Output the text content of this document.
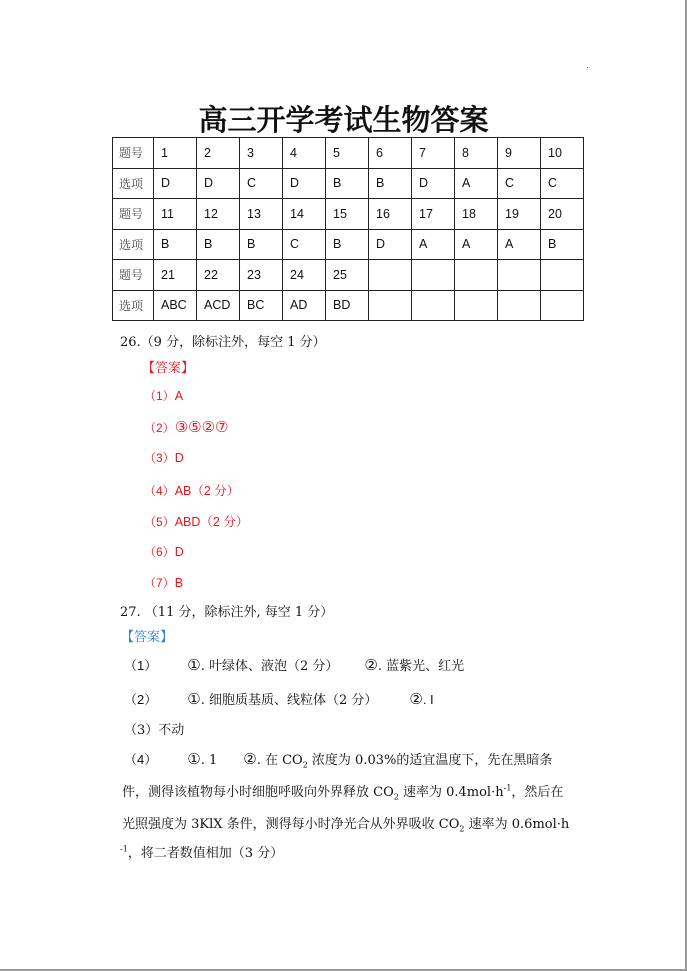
高三开学考试生物答案
题号	1	2	3	4	5	6	7	8	9	10
选项	D	D	C	D	B	B	D	A	C	C
题号	11	12	13	14	15	16	17	18	19	20
选项	B	B	B	C	B	D	A	A	A	B
题号	21	22	23	24	25					
选项	ABC	ACD	BC	AD	BD					
26.（9 分，除标注外，每空 1 分）
【答案】
（1）A
（2）③⑤②⑦
（3）D
（4）AB（2 分）
（5）ABD（2 分）
（6）D
（7）B
27. （11 分，除标注外, 每空 1 分）
【答案】
（1） ①. 叶绿体、液泡（2 分） ②. 蓝紫光、红光
（2） ①. 细胞质基质、线粒体（2 分） ②. I
（3）不动
（4） ①. 1 ②. 在 $CO_2$ 浓度为 0.03%的适宜温度下，先在黑暗条
件，测得该植物每小时细胞呼吸向外界释放 $CO_2$ 速率为 $0.4mol\cdot h^{-1}$，然后在
光照强度为 3KlX 条件，测得每小时净光合从外界吸收 $CO_2$ 速率为 0.6mol·h
$^{-1}$，将二者数值相加（3 分）
